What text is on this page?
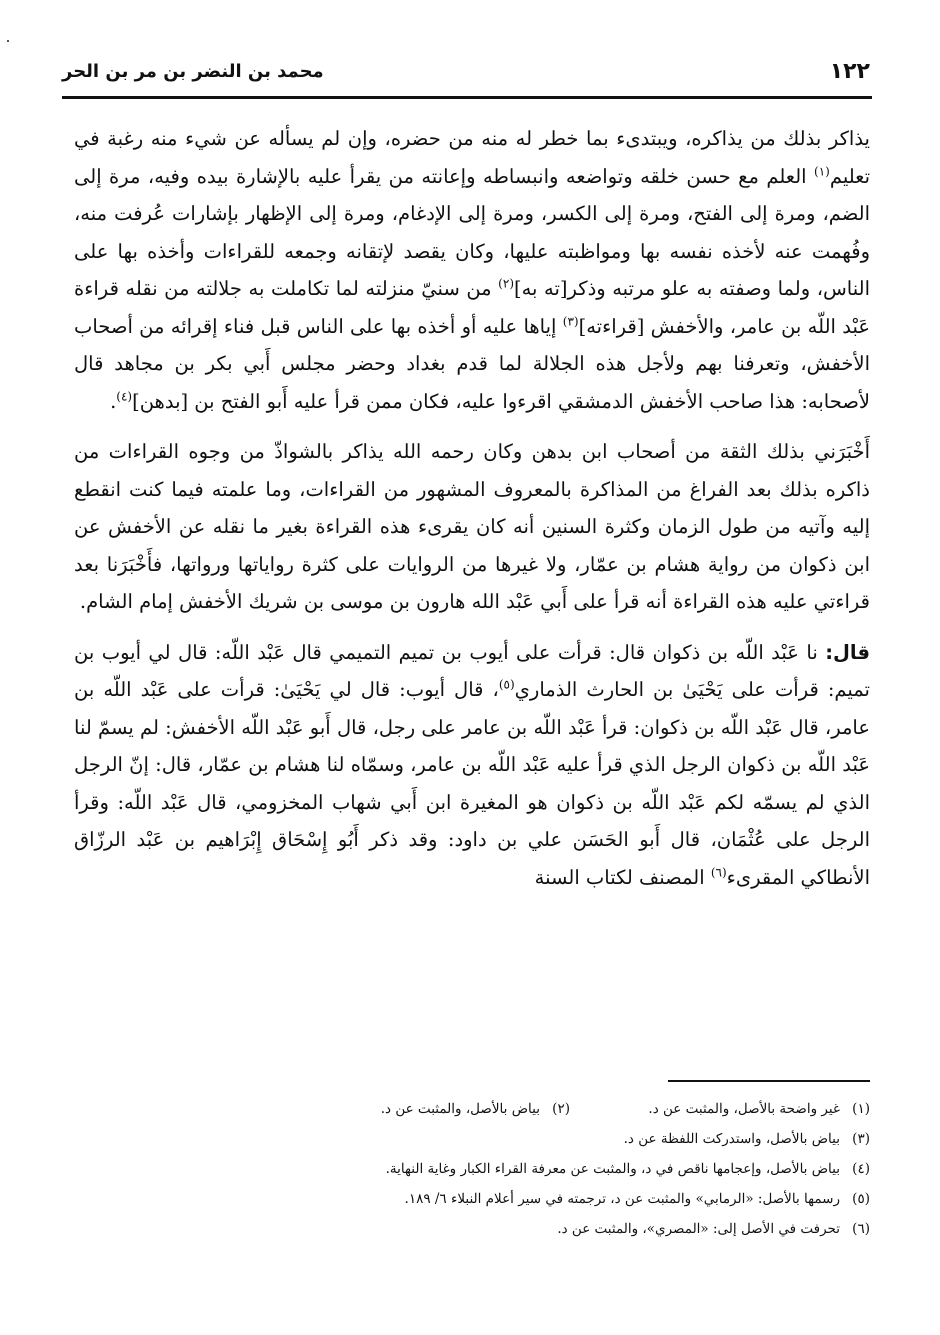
١٢٢
محمد بن النضر بن مر بن الحر

يذاكر بذلك من يذاكره، ويبتدىء بما خطر له منه من حضره، وإن لم يسأله عن شيء منه رغبة في تعليم$^{(١)}$ العلم مع حسن خلقه وتواضعه وانبساطه وإعانته من يقرأ عليه بالإشارة بيده وفيه، مرة إلى الضم، ومرة إلى الفتح، ومرة إلى الكسر، ومرة إلى الإدغام، ومرة إلى الإظهار بإشارات عُرفت منه، وفُهمت عنه لأخذه نفسه بها ومواظبته عليها، وكان يقصد لإتقانه وجمعه للقراءات وأخذه بها على الناس، ولما وصفته به علو مرتبه وذكر[ته به]$^{(٢)}$ من سنيّ منزلته لما تكاملت به جلالته من نقله قراءة عَبْد اللّه بن عامر، والأخفش [قراءته]$^{(٣)}$ إياها عليه أو أخذه بها على الناس قبل فناء إقرائه من أصحاب الأخفش، وتعرفنا بهم ولأجل هذه الجلالة لما قدم بغداد وحضر مجلس أَبي بكر بن مجاهد قال لأصحابه: هذا صاحب الأخفش الدمشقي اقرءوا عليه، فكان ممن قرأ عليه أَبو الفتح بن [بدهن]$^{(٤)}$.

أَخْبَرَني بذلك الثقة من أصحاب ابن بدهن وكان رحمه الله يذاكر بالشواذّ من وجوه القراءات من ذاكره بذلك بعد الفراغ من المذاكرة بالمعروف المشهور من القراءات، وما علمته فيما كنت انقطع إليه وآتيه من طول الزمان وكثرة السنين أنه كان يقرىء هذه القراءة بغير ما نقله عن الأخفش عن ابن ذكوان من رواية هشام بن عمّار، ولا غيرها من الروايات على كثرة رواياتها ورواتها، فأَخْبَرَنا بعد قراءتي عليه هذه القراءة أنه قرأ على أَبي عَبْد الله هارون بن موسى بن شريك الأخفش إمام الشام.

قال: نا عَبْد اللّه بن ذكوان قال: قرأت على أيوب بن تميم التميمي قال عَبْد اللّه: قال لي أيوب بن تميم: قرأت على يَحْيَىٰ بن الحارث الذماري$^{(٥)}$، قال أيوب: قال لي يَحْيَىٰ: قرأت على عَبْد اللّه بن عامر، قال عَبْد اللّه بن ذكوان: قرأ عَبْد اللّه بن عامر على رجل، قال أَبو عَبْد اللّه الأخفش: لم يسمّ لنا عَبْد اللّه بن ذكوان الرجل الذي قرأ عليه عَبْد اللّه بن عامر، وسمّاه لنا هشام بن عمّار، قال: إنّ الرجل الذي لم يسمّه لكم عَبْد اللّه بن ذكوان هو المغيرة ابن أَبي شهاب المخزومي، قال عَبْد اللّه: وقرأ الرجل على عُثْمَان، قال أَبو الحَسَن علي بن داود: وقد ذكر أَبُو إِسْحَاق إِبْرَاهيم بن عَبْد الرزّاق الأنطاكي المقرىء$^{(٦)}$ المصنف لكتاب السنة

(١)
غير واضحة بالأصل، والمثبت عن د.
(٢)
بياض بالأصل، والمثبت عن د.
(٣)
بياض بالأصل، واستدركت اللفظة عن د.
(٤)
بياض بالأصل، وإعجامها ناقص في د، والمثبت عن معرفة القراء الكبار وغاية النهاية.
(٥)
رسمها بالأصل: «الرمابي» والمثبت عن د، ترجمته في سير أعلام النبلاء ٦/ ١٨٩.
(٦)
تحرفت في الأصل إلى: «المصري»، والمثبت عن د.
